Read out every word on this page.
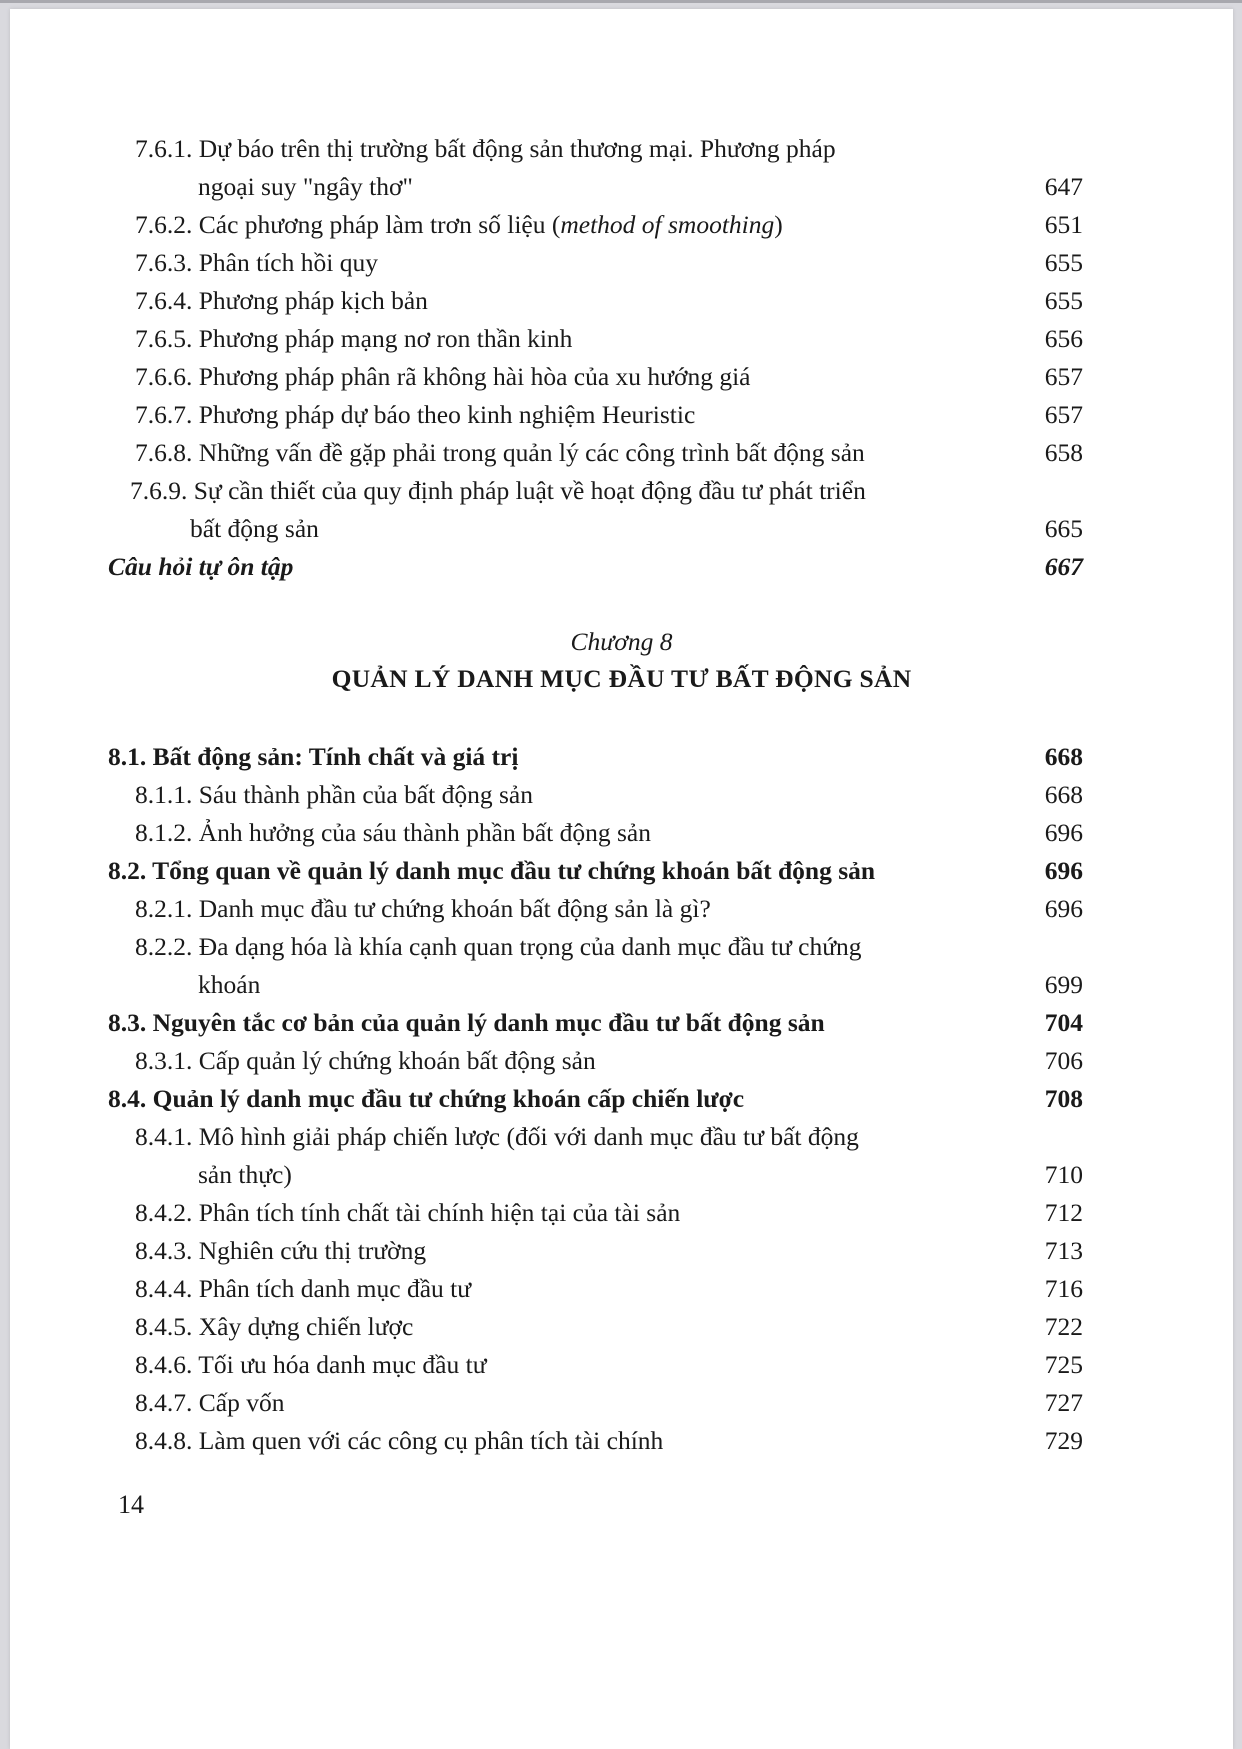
7.6.1. Dự báo trên thị trường bất động sản thương mại. Phương pháp
ngoại suy "ngây thơ"	647
7.6.2. Các phương pháp làm trơn số liệu (method of smoothing)	651
7.6.3. Phân tích hồi quy	655
7.6.4. Phương pháp kịch bản	655
7.6.5. Phương pháp mạng nơ ron thần kinh	656
7.6.6. Phương pháp phân rã không hài hòa của xu hướng giá	657
7.6.7. Phương pháp dự báo theo kinh nghiệm Heuristic	657
7.6.8. Những vấn đề gặp phải trong quản lý các công trình bất động sản	658
7.6.9. Sự cần thiết của quy định pháp luật về hoạt động đầu tư phát triển
bất động sản	665
Câu hỏi tự ôn tập	667
Chương 8
QUẢN LÝ DANH MỤC ĐẦU TƯ BẤT ĐỘNG SẢN
8.1. Bất động sản: Tính chất và giá trị	668
8.1.1. Sáu thành phần của bất động sản	668
8.1.2. Ảnh hưởng của sáu thành phần bất động sản	696
8.2. Tổng quan về quản lý danh mục đầu tư chứng khoán bất động sản	696
8.2.1. Danh mục đầu tư chứng khoán bất động sản là gì?	696
8.2.2. Đa dạng hóa là khía cạnh quan trọng của danh mục đầu tư chứng
khoán	699
8.3. Nguyên tắc cơ bản của quản lý danh mục đầu tư bất động sản	704
8.3.1. Cấp quản lý chứng khoán bất động sản	706
8.4. Quản lý danh mục đầu tư chứng khoán cấp chiến lược	708
8.4.1. Mô hình giải pháp chiến lược (đối với danh mục đầu tư bất động
sản thực)	710
8.4.2. Phân tích tính chất tài chính hiện tại của tài sản	712
8.4.3. Nghiên cứu thị trường	713
8.4.4. Phân tích danh mục đầu tư	716
8.4.5. Xây dựng chiến lược	722
8.4.6. Tối ưu hóa danh mục đầu tư	725
8.4.7. Cấp vốn	727
8.4.8. Làm quen với các công cụ phân tích tài chính	729
14
